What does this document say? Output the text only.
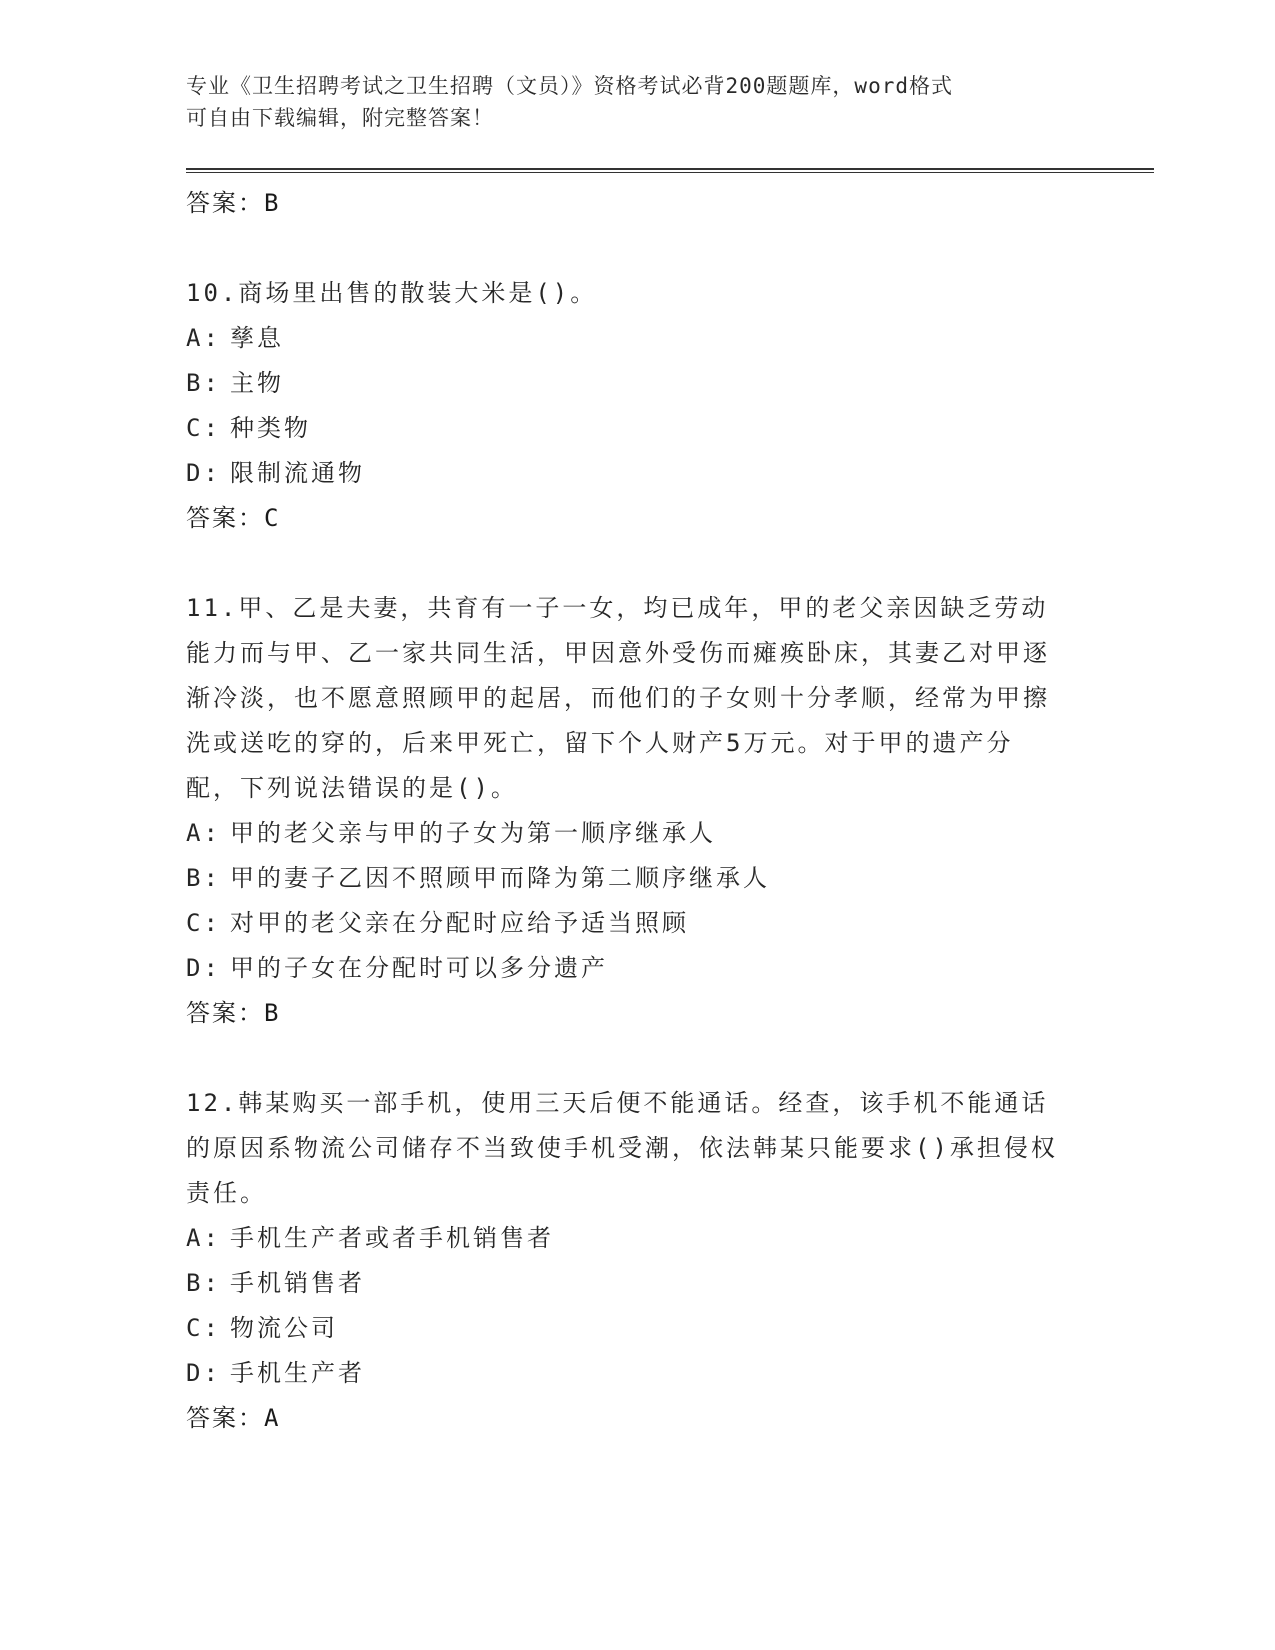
专业《卫生招聘考试之卫生招聘（文员）》资格考试必背200题题库，word格式
可自由下载编辑，附完整答案！
答案：B
10.商场里出售的散装大米是()。
A: 孳息
B: 主物
C: 种类物
D: 限制流通物
答案：C
11.甲、乙是夫妻，共育有一子一女，均已成年，甲的老父亲因缺乏劳动能力而与甲、乙一家共同生活，甲因意外受伤而瘫痪卧床，其妻乙对甲逐渐冷淡，也不愿意照顾甲的起居，而他们的子女则十分孝顺，经常为甲擦洗或送吃的穿的，后来甲死亡，留下个人财产5万元。对于甲的遗产分配，下列说法错误的是()。
A: 甲的老父亲与甲的子女为第一顺序继承人
B: 甲的妻子乙因不照顾甲而降为第二顺序继承人
C: 对甲的老父亲在分配时应给予适当照顾
D: 甲的子女在分配时可以多分遗产
答案：B
12.韩某购买一部手机，使用三天后便不能通话。经查，该手机不能通话的原因系物流公司储存不当致使手机受潮，依法韩某只能要求()承担侵权责任。
A: 手机生产者或者手机销售者
B: 手机销售者
C: 物流公司
D: 手机生产者
答案：A
